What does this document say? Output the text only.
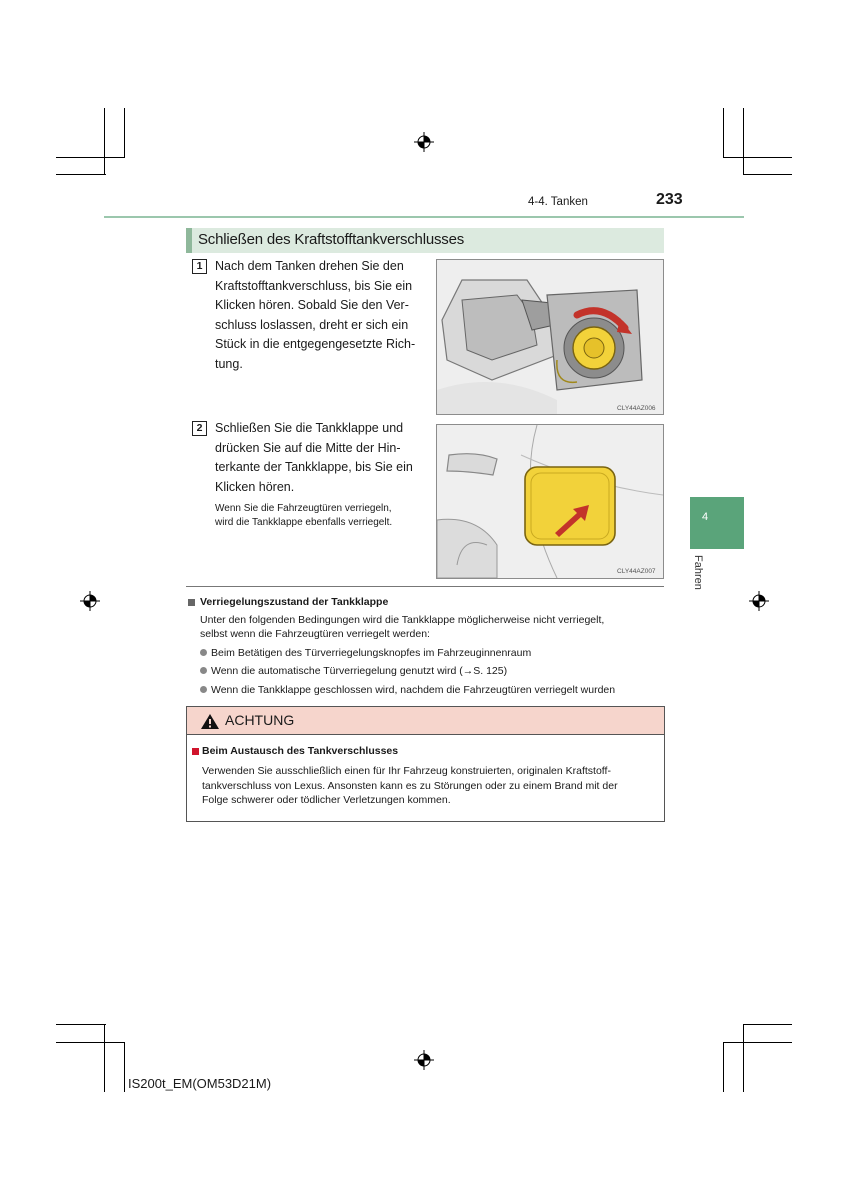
4-4. Tanken	233
4
Fahren
Schließen des Kraftstofftankverschlusses
1	Nach dem Tanken drehen Sie den
Kraftstofftankverschluss, bis Sie ein
Klicken hören. Sobald Sie den Ver-
schluss loslassen, dreht er sich ein
Stück in die entgegengesetzte Rich-
tung.
CLY44AZ006
2	Schließen Sie die Tankklappe und
drücken Sie auf die Mitte der Hin-
terkante der Tankklappe, bis Sie ein
Klicken hören.
Wenn Sie die Fahrzeugtüren verriegeln,
wird die Tankklappe ebenfalls verriegelt.
CLY44AZ007
Verriegelungszustand der Tankklappe
Unter den folgenden Bedingungen wird die Tankklappe möglicherweise nicht verriegelt,
selbst wenn die Fahrzeugtüren verriegelt werden:
Beim Betätigen des Türverriegelungsknopfes im Fahrzeuginnenraum
Wenn die automatische Türverriegelung genutzt wird (→S. 125)
Wenn die Tankklappe geschlossen wird, nachdem die Fahrzeugtüren verriegelt wurden
ACHTUNG
Beim Austausch des Tankverschlusses
Verwenden Sie ausschließlich einen für Ihr Fahrzeug konstruierten, originalen Kraftstoff-
tankverschluss von Lexus. Ansonsten kann es zu Störungen oder zu einem Brand mit der
Folge schwerer oder tödlicher Verletzungen kommen.
IS200t_EM(OM53D21M)
